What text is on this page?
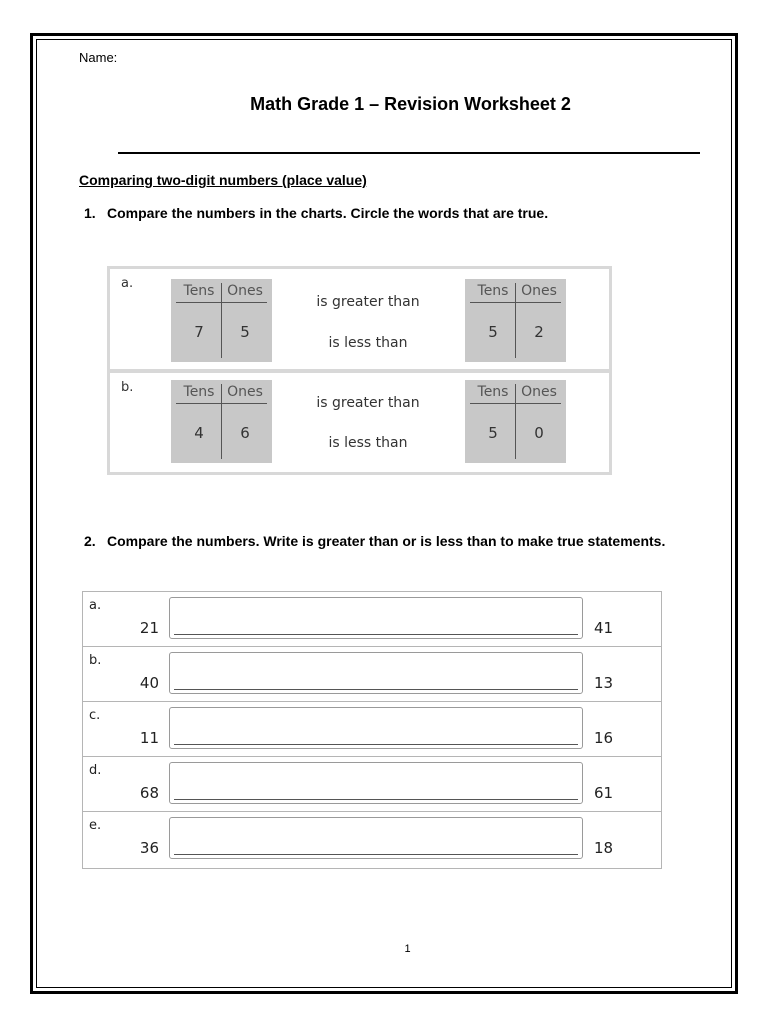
Name:
Math Grade 1 – Revision Worksheet 2
Comparing two-digit numbers (place value)
1. Compare the numbers in the charts. Circle the words that are true.
a.	Tens Ones
7	5
is greater than
is less than
Tens Ones
5	2
b.	Tens Ones
4	6
is greater than
is less than
Tens Ones
5	0
2. Compare the numbers. Write is greater than or is less than to make true statements.
a.
21	41
b.
40	13
c.
11	16
d.
68	61
e.
36	18
1
